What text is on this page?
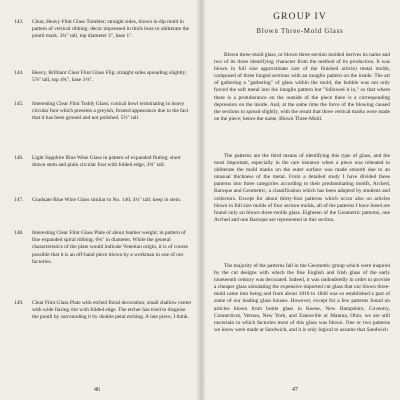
143.	Clear, Heavy Flint Glass Tumbler; straight sides, blown in dip mold in pattern of vertical ribbing; decor impressed in thick boss to obliterate the pontil mark. 3¾" tall, top diameter 3", base 1".
144.	Heavy, Brilliant Clear Flint Glass Flip; straight sides spreading slightly; 5⅞" tall, top 4¾", base 3⅛".
145.	Interesting Clear Flint Toddy Glass; conical bowl terminating in heavy circular foot which presents a greyish, frosted appearance due to the fact that it has been ground and not polished. 5½" tall.
146.	Light Sapphire Blue Wine Glass in pattern of expanded fluting; short drawn stem and plain circular foot with folded edge; 3¾" tall.
147.	Graduate Blue Wine Glass similar to No. 146; 4¼" tall; keep in stem.
148.	Interesting Clear Flint Glass Plate of about feather weight; in pattern of fine expanded spiral ribbing; 6¾" in diameter. While the general characteristics of the plate would indicate Venetian origin, it is of course possible that it is an off-hand piece blown by a workman in one of our factories.
149.	Clear Flint Glass Plate with etched floral decoration; small shallow center with wide flaring rim with folded edge. The etcher has tried to disguise the pontil by surrounding it by double petal etching. A late piece, I think.
46
GROUP IV
Blown Three-Mold Glass
Blown three-mold glass, or blown three-section molded derives its name and two of its three identifying character from the method of its production. It was blown in full size approximate size of the finished article) metal molds, composed of three hinged sections with an intaglio pattern on the inside. The art of gathering a "gathering" of glass within the mold, the bubble was not only forced the soft metal into the intaglio pattern but "followed it in," so that where there is a protuberance on the outside of the piece there is a corresponding depression on the inside. And, at the same time the force of the blowing caused the sections to spread slightly, with the result that three vertical marks were made on the piece; hence the name, Blown Three-Mold.
The patterns are the third means of identifying this type of glass, and the most important, especially in the rare instance when a piece was reheated to obliterate the mold marks on the outer surface was made smooth due to an unusual thickness of the metal. From a detailed study I have divided these patterns into three categories according to their predominating motifs, Arched, Baroque and Geometric, a classification which has been adopted by students and collectors. Except for about thirty-four patterns which occur also on articles blown in full size molds of four section molds, all of the patterns I have listed are found only on blown three-molds glass. Eighteen of the Geometric patterns, one Arched and one Baroque are represented in this section.
The majority of the patterns fall in the Geometric group which were inspired by the cut designs with which the fine English and Irish glass of the early nineteenth century was decorated. Indeed, it was undoubtedly in order to provide a cheaper glass simulating the expensive imported cut glass that our blown three-mold came into being and from about 1810 to 1840 was so established a part of some of our leading glass houses. However, except for a few patterns found on articles blown from bottle glass in Keene, New Hampshire, Coventry, Connecticut, Vernon, New York, and Zanesville or Mantua, Ohio, we are still uncertain in which factories most of this glass was blown. One or two patterns we know were made at Sandwich, and it is only logical to assume that Sandwich
47
